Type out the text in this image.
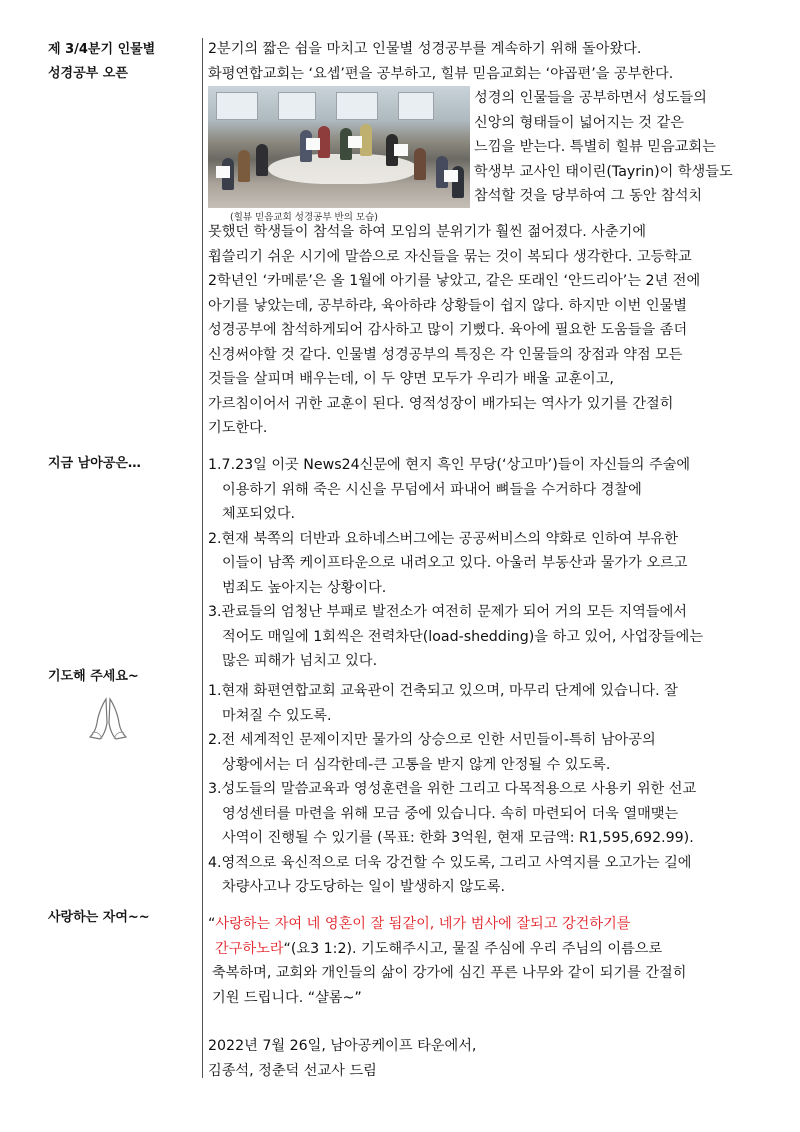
제 3/4분기 인물별
성경공부 오픈
2분기의 짧은 쉼을 마치고 인물별 성경공부를 계속하기 위해 돌아왔다.
화평연합교회는 ‘요셉’편을 공부하고, 힐뷰 믿음교회는 ‘야곱편’을 공부한다.
(힐뷰 믿음교회 성경공부 반의 모습)
성경의 인물들을 공부하면서 성도들의
신앙의 형태들이 넓어지는 것 같은
느낌을 받는다. 특별히 힐뷰 믿음교회는
학생부 교사인 태이린(Tayrin)이 학생들도
참석할 것을 당부하여 그 동안 참석치
못했던 학생들이 참석을 하여 모임의 분위기가 훨씬 젊어졌다. 사춘기에
휩쓸리기 쉬운 시기에 말씀으로 자신들을 묶는 것이 복되다 생각한다. 고등학교
2학년인 ‘카메룬’은 올 1월에 아기를 낳았고, 같은 또래인 ‘안드리아’는 2년 전에
아기를 낳았는데, 공부하랴, 육아하랴 상황들이 쉽지 않다. 하지만 이번 인물별
성경공부에 참석하게되어 감사하고 많이 기뻤다. 육아에 필요한 도움들을 좀더
신경써야할 것 같다. 인물별 성경공부의 특징은 각 인물들의 장점과 약점 모든
것들을 살피며 배우는데, 이 두 양면 모두가 우리가 배울 교훈이고,
가르침이어서 귀한 교훈이 된다. 영적성장이 배가되는 역사가 있기를 간절히
기도한다.
지금 남아공은…	1.7.23일 이곳 News24신문에 현지 흑인 무당(‘상고마’)들이 자신들의 주술에
이용하기 위해 죽은 시신을 무덤에서 파내어 뼈들을 수거하다 경찰에
체포되었다.
2.현재 북쪽의 더반과 요하네스버그에는 공공써비스의 약화로 인하여 부유한
이들이 남쪽 케이프타운으로 내려오고 있다. 아울러 부동산과 물가가 오르고
범죄도 높아지는 상황이다.
3.관료들의 엄청난 부패로 발전소가 여전히 문제가 되어 거의 모든 지역들에서
적어도 매일에 1회씩은 전력차단(load-shedding)을 하고 있어, 사업장들에는
많은 피해가 넘치고 있다.
기도해 주세요~
1.현재 화편연합교회 교육관이 건축되고 있으며, 마무리 단계에 있습니다. 잘
마쳐질 수 있도록.
2.전 세계적인 문제이지만 물가의 상승으로 인한 서민들이-특히 남아공의
상황에서는 더 심각한데-큰 고통을 받지 않게 안정될 수 있도록.
3.성도들의 말씀교육과 영성훈련을 위한 그리고 다목적용으로 사용키 위한 선교
영성센터를 마련을 위해 모금 중에 있습니다. 속히 마련되어 더욱 열매맺는
사역이 진행될 수 있기를 (목표: 한화 3억원, 현재 모금액: R1,595,692.99).
4.영적으로 육신적으로 더욱 강건할 수 있도록, 그리고 사역지를 오고가는 길에
차량사고나 강도당하는 일이 발생하지 않도록.
사랑하는 자여~~	“사랑하는 자여 네 영혼이 잘 됨같이, 네가 범사에 잘되고 강건하기를
간구하노라“(요3 1:2). 기도해주시고, 물질 주심에 우리 주님의 이름으로
축복하며, 교회와 개인들의 삶이 강가에 심긴 푸른 나무와 같이 되기를 간절히
기원 드립니다. “샬롬~”
2022년 7월 26일, 남아공케이프 타운에서,
김종석, 정춘덕 선교사 드림
